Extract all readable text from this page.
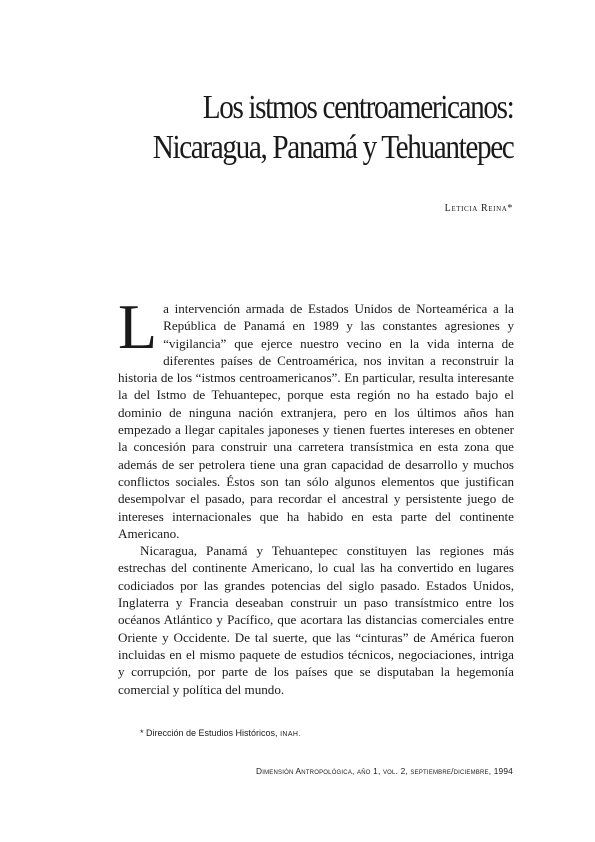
Los istmos centroamericanos:
Nicaragua, Panamá y Tehuantepec
Leticia Reina*

La intervención armada de Estados Unidos de Norteamérica a la República de Panamá en 1989 y las constantes agresiones y “vigilancia” que ejerce nuestro vecino en la vida interna de diferentes países de Centroamérica, nos invitan a reconstruir la historia de los “istmos centroamericanos”. En particular, resulta interesante la del Istmo de Tehuantepec, porque esta región no ha estado bajo el dominio de ninguna nación extranjera, pero en los últimos años han empezado a llegar capitales japoneses y tienen fuertes intereses en obtener la concesión para construir una carretera transístmica en esta zona que además de ser petrolera tiene una gran capacidad de desarrollo y muchos conflictos sociales. Éstos son tan sólo algunos elementos que justifican desempolvar el pasado, para recordar el ancestral y persistente juego de intereses internacionales que ha habido en esta parte del continente Americano.

Nicaragua, Panamá y Tehuantepec constituyen las regiones más estrechas del continente Americano, lo cual las ha convertido en lugares codiciados por las grandes potencias del siglo pasado. Estados Unidos, Inglaterra y Francia deseaban construir un paso transístmico entre los océanos Atlántico y Pacífico, que acortara las distancias comerciales entre Oriente y Occidente. De tal suerte, que las “cinturas” de América fueron incluidas en el mismo paquete de estudios técnicos, negociaciones, intriga y corrupción, por parte de los países que se disputaban la hegemonía comercial y política del mundo.

* Dirección de Estudios Históricos, INAH.
Dimensión Antropológica, año 1, vol. 2, septiembre/diciembre, 1994
